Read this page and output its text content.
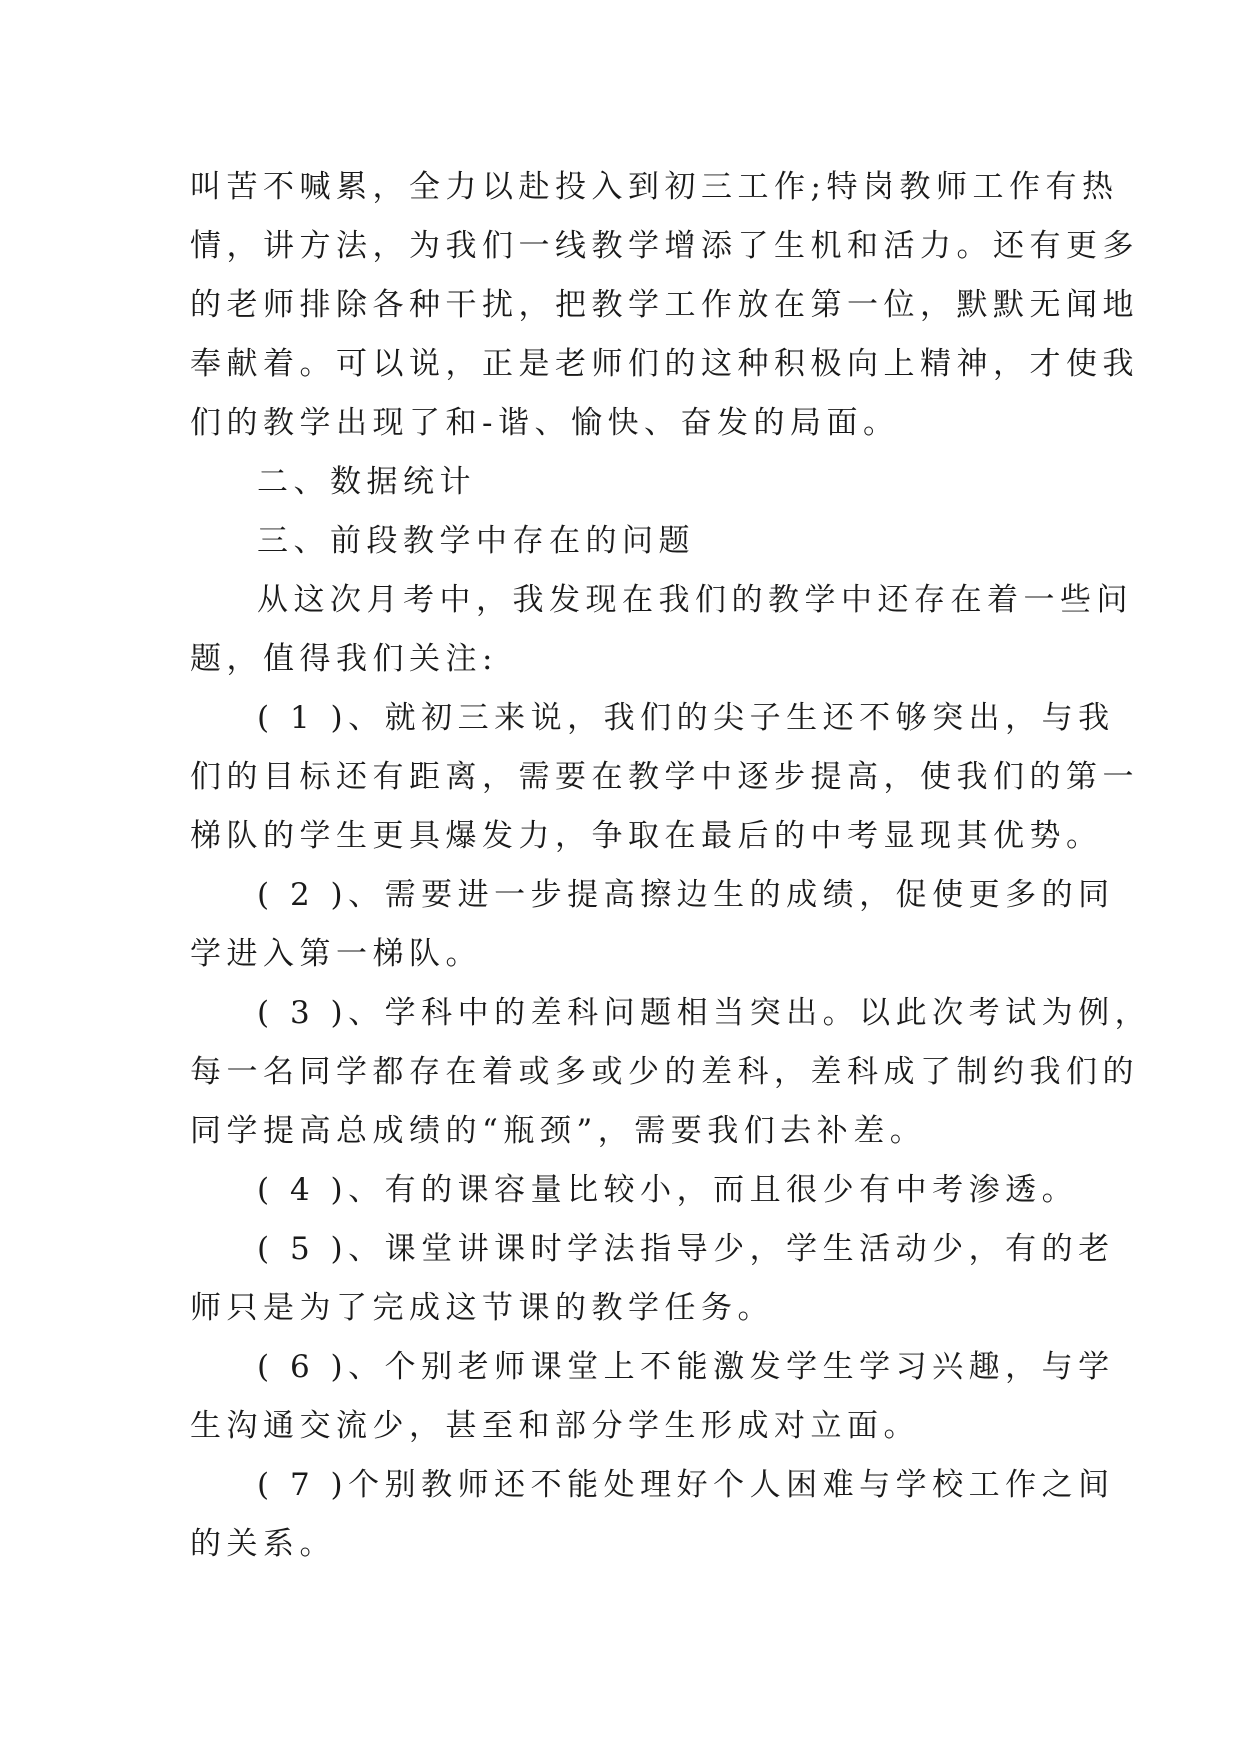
叫苦不喊累，全力以赴投入到初三工作;特岗教师工作有热
情，讲方法，为我们一线教学增添了生机和活力。还有更多
的老师排除各种干扰，把教学工作放在第一位，默默无闻地
奉献着。可以说，正是老师们的这种积极向上精神，才使我
们的教学出现了和-谐、愉快、奋发的局面。
二、数据统计
三、前段教学中存在的问题
从这次月考中，我发现在我们的教学中还存在着一些问
题，值得我们关注:
( 1 )、就初三来说，我们的尖子生还不够突出，与我
们的目标还有距离，需要在教学中逐步提高，使我们的第一
梯队的学生更具爆发力，争取在最后的中考显现其优势。
( 2 )、需要进一步提高擦边生的成绩，促使更多的同
学进入第一梯队。
( 3 )、学科中的差科问题相当突出。以此次考试为例，
每一名同学都存在着或多或少的差科，差科成了制约我们的
同学提高总成绩的“瓶颈”，需要我们去补差。
( 4 )、有的课容量比较小，而且很少有中考渗透。
( 5 )、课堂讲课时学法指导少，学生活动少，有的老
师只是为了完成这节课的教学任务。
( 6 )、个别老师课堂上不能激发学生学习兴趣，与学
生沟通交流少，甚至和部分学生形成对立面。
( 7 )个别教师还不能处理好个人困难与学校工作之间
的关系。
